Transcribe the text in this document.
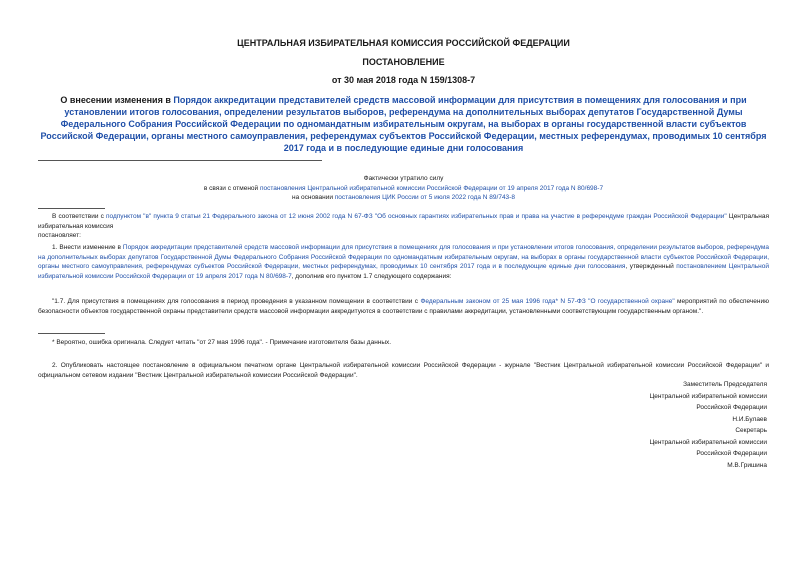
ЦЕНТРАЛЬНАЯ ИЗБИРАТЕЛЬНАЯ КОМИССИЯ РОССИЙСКОЙ ФЕДЕРАЦИИ
ПОСТАНОВЛЕНИЕ
от 30 мая 2018 года N 159/1308-7
О внесении изменения в Порядок аккредитации представителей средств массовой информации для присутствия в помещениях для голосования и при установлении итогов голосования, определении результатов выборов, референдума на дополнительных выборах депутатов Государственной Думы Федерального Собрания Российской Федерации по одномандатным избирательным округам, на выборах в органы государственной власти субъектов Российской Федерации, органы местного самоуправления, референдумах субъектов Российской Федерации, местных референдумах, проводимых 10 сентября 2017 года и в последующие единые дни голосования
Фактически утратило силу
в связи с отменой постановления Центральной избирательной комиссии Российской Федерации от 19 апреля 2017 года N 80/698-7
на основании постановления ЦИК России от 5 июля 2022 года N 89/743-8
В соответствии с подпунктом "в" пункта 9 статьи 21 Федерального закона от 12 июня 2002 года N 67-ФЗ "Об основных гарантиях избирательных прав и права на участие в референдуме граждан Российской Федерации" Центральная избирательная комиссия
постановляет:
1. Внести изменение в Порядок аккредитации представителей средств массовой информации для присутствия в помещениях для голосования и при установлении итогов голосования, определении результатов выборов, референдума на дополнительных выборах депутатов Государственной Думы Федерального Собрания Российской Федерации по одномандатным избирательным округам, на выборах в органы государственной власти субъектов Российской Федерации, органы местного самоуправления, референдумах субъектов Российской Федерации, местных референдумах, проводимых 10 сентября 2017 года и в последующие единые дни голосования, утвержденный постановлением Центральной избирательной комиссии Российской Федерации от 19 апреля 2017 года N 80/698-7, дополнив его пунктом 1.7 следующего содержания:
"1.7. Для присутствия в помещениях для голосования в период проведения в указанном помещении в соответствии с Федеральным законом от 25 мая 1996 года* N 57-ФЗ "О государственной охране" мероприятий по обеспечению безопасности объектов государственной охраны представители средств массовой информации аккредитуются в соответствии с правилами аккредитации, установленными соответствующим государственным органом.".
* Вероятно, ошибка оригинала. Следует читать "от 27 мая 1996 года". - Примечание изготовителя базы данных.
2. Опубликовать настоящее постановление в официальном печатном органе Центральной избирательной комиссии Российской Федерации - журнале "Вестник Центральной избирательной комиссии Российской Федерации" и официальном сетевом издании "Вестник Центральной избирательной комиссии Российской Федерации".
Заместитель Председателя
Центральной избирательной комиссии
Российской Федерации
Н.И.Булаев
Секретарь
Центральной избирательной комиссии
Российской Федерации
М.В.Гришина
